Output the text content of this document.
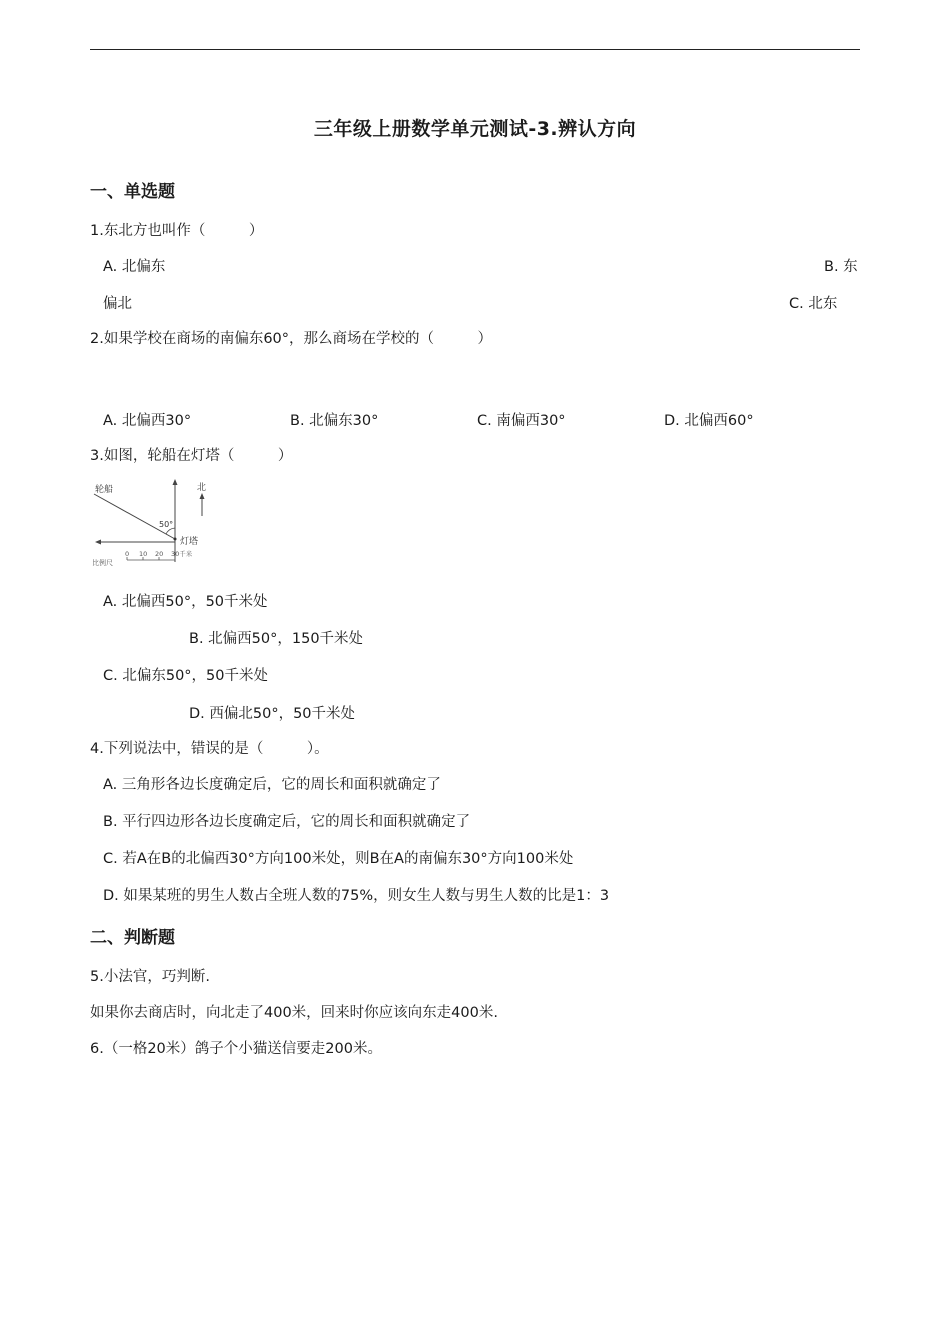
三年级上册数学单元测试-3.辨认方向
一、单选题
1.东北方也叫作（　　　）
A. 北偏东	B. 东
偏北	C. 北东
2.如果学校在商场的南偏东60°，那么商场在学校的（　　　）
A. 北偏西30°	B. 北偏东30°	C. 南偏西30°	D. 北偏西60°
3.如图，轮船在灯塔（　　　）
北
轮船
50°
灯塔
比例尺
0 10 20 30千米
A. 北偏西50°，50千米处
B. 北偏西50°，150千米处
C. 北偏东50°，50千米处
D. 西偏北50°，50千米处
4.下列说法中，错误的是（　　　）。
A. 三角形各边长度确定后，它的周长和面积就确定了
B. 平行四边形各边长度确定后，它的周长和面积就确定了
C. 若A在B的北偏西30°方向100米处，则B在A的南偏东30°方向100米处
D. 如果某班的男生人数占全班人数的75%，则女生人数与男生人数的比是1：3
二、判断题
5.小法官，巧判断.
如果你去商店时，向北走了400米，回来时你应该向东走400米.
6.（一格20米）鸽子个小猫送信要走200米。
